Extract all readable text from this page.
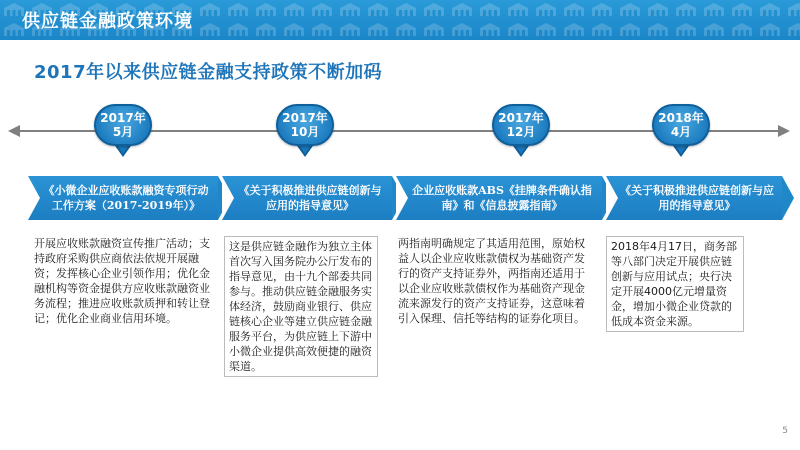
供应链金融政策环境
2017年以来供应链金融支持政策不断加码
2017年
5月
2017年
10月
2017年
12月
2018年
4月
《小微企业应收账款融资专项行动工作方案（2017-2019年）》
《关于积极推进供应链创新与应用的指导意见》
企业应收账款ABS《挂牌条件确认指南》和《信息披露指南》
《关于积极推进供应链创新与应用的指导意见》
开展应收账款融资宣传推广活动；支持政府采购供应商依法依规开展融资；发挥核心企业引领作用；优化金融机构等资金提供方应收账款融资业务流程；推进应收账款质押和转让登记；优化企业商业信用环境。
这是供应链金融作为独立主体首次写入国务院办公厅发布的指导意见，由十九个部委共同参与。推动供应链金融服务实体经济，鼓励商业银行、供应链核心企业等建立供应链金融服务平台，为供应链上下游中小微企业提供高效便捷的融资渠道。
两指南明确规定了其适用范围，原始权益人以企业应收账款债权为基础资产发行的资产支持证券外，两指南还适用于以企业应收账款债权作为基础资产现金流来源发行的资产支持证券，这意味着引入保理、信托等结构的证券化项目。
2018年4月17日，商务部等八部门决定开展供应链创新与应用试点；央行决定开展4000亿元增量资金，增加小微企业贷款的低成本资金来源。
5
